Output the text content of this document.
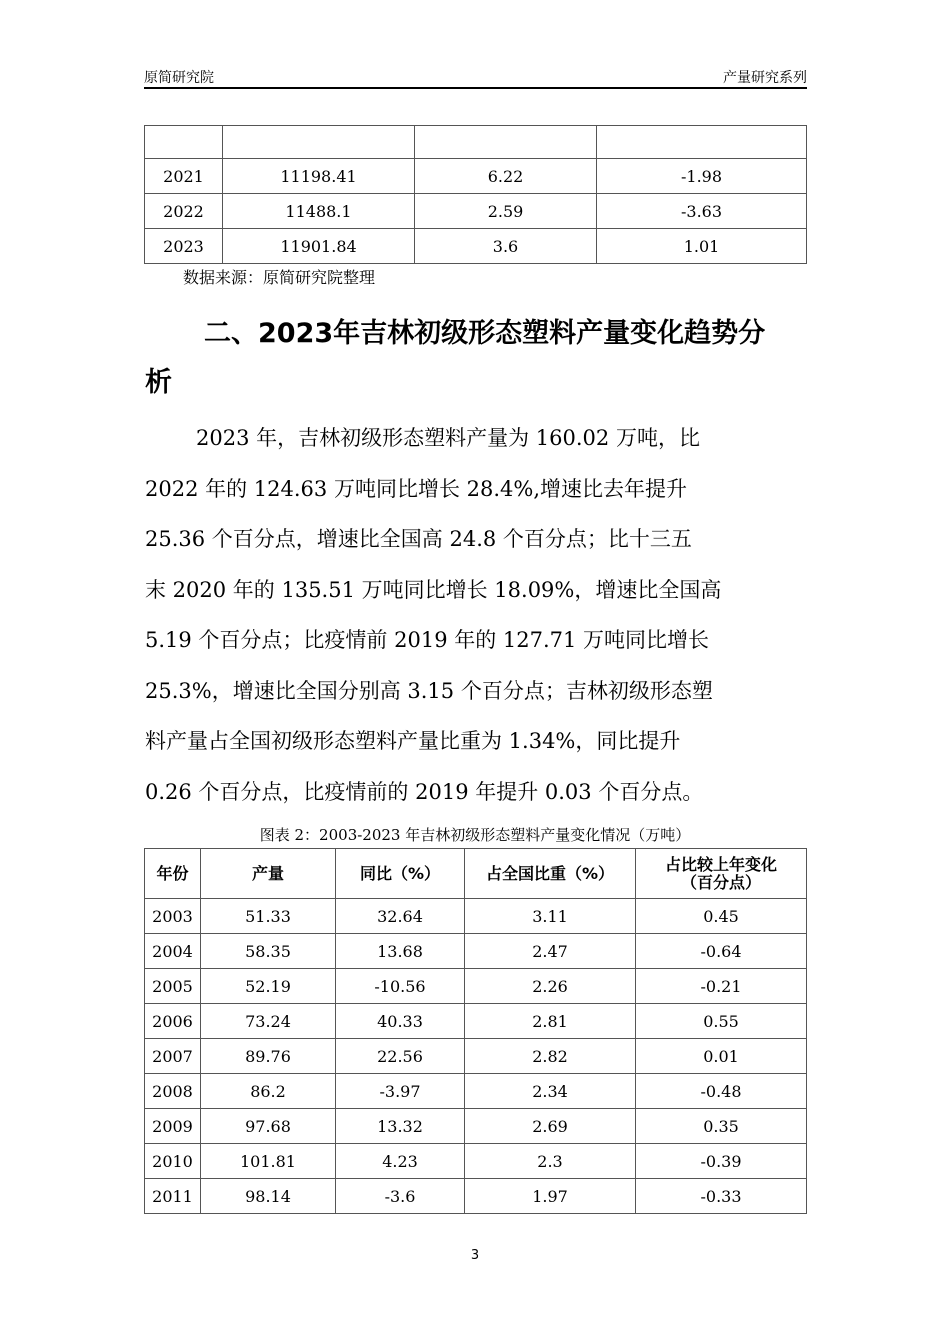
原简研究院	产量研究系列

2021	11198.41	6.22	-1.98
2022	11488.1	2.59	-3.63
2023	11901.84	3.6	1.01
数据来源：原简研究院整理
二、2023年吉林初级形态塑料产量变化趋势分
析
2023 年，吉林初级形态塑料产量为 160.02 万吨，比
2022 年的 124.63 万吨同比增长 28.4%,增速比去年提升
25.36 个百分点，增速比全国高 24.8 个百分点；比十三五
末 2020 年的 135.51 万吨同比增长 18.09%，增速比全国高
5.19 个百分点；比疫情前 2019 年的 127.71 万吨同比增长
25.3%，增速比全国分别高 3.15 个百分点；吉林初级形态塑
料产量占全国初级形态塑料产量比重为 1.34%，同比提升
0.26 个百分点，比疫情前的 2019 年提升 0.03 个百分点。
图表 2：2003-2023 年吉林初级形态塑料产量变化情况（万吨）
年份	产量	同比（%）	占全国比重（%）	占比较上年变化（百分点）
2003	51.33	32.64	3.11	0.45
2004	58.35	13.68	2.47	-0.64
2005	52.19	-10.56	2.26	-0.21
2006	73.24	40.33	2.81	0.55
2007	89.76	22.56	2.82	0.01
2008	86.2	-3.97	2.34	-0.48
2009	97.68	13.32	2.69	0.35
2010	101.81	4.23	2.3	-0.39
2011	98.14	-3.6	1.97	-0.33
3
